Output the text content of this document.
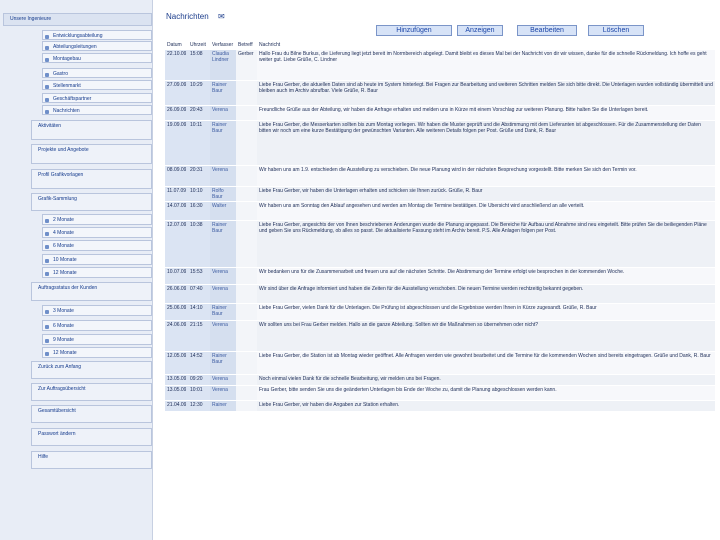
Unsere Ingenieure
Entwicklungsabteilung
Abteilungsleitungen
Montagebau
Gastro
Stellenmarkt
Geschäftspartner
Nachrichten
Aktivitäten
Projekte und Angebote
Profil Grafikvorlagen
Grafik-Sammlung
2 Monate
4 Monate
6 Monate
10 Monate
12 Monate
Auftragsstatus der Kunden
3 Monate
6 Monate
9 Monate
12 Monate
Zurück zum Anfang
Zur Auftragsübersicht
Gesamtübersicht
Passwort ändern
Hilfe
Nachrichten ✉
Hinzufügen	Anzeigen	Bearbeiten	Löschen
Datum	Uhrzeit	Verfasser	Betreff	Nachricht

22.10.09	15:08	Claudia Lindner	Gerber	Hallo Frau du Bilne Burkus, die Lieferung liegt jetzt bereit im Normbereich abgelegt. Damit bleibt es dieses Mal bei der Nachricht von dir wir wissen, danke für die schnelle Rückmeldung. Ich hoffe es geht weiter gut. Liebe Grüße, C. Lindner

27.09.09	10:29	Rainer Baur		Liebe Frau Gerber, die aktuellen Daten sind ab heute im System hinterlegt. Bei Fragen zur Bearbeitung und weiteren Schritten melden Sie sich bitte direkt. Die Unterlagen wurden vollständig übermittelt und bleiben auch im Archiv abrufbar. Viele Grüße, R. Baur

26.09.09	20:43	Verena		Freundliche Grüße aus der Abteilung, wir haben die Anfrage erhalten und melden uns in Kürze mit einem Vorschlag zur weiteren Planung. Bitte halten Sie die Unterlagen bereit.

19.09.09	10:11	Rainer Baur		Liebe Frau Gerber, die Messerkarten sollten bis zum Montag vorliegen. Wir haben die Muster geprüft und die Abstimmung mit dem Lieferanten ist abgeschlossen. Für die Zusammenstellung der Daten bitten wir noch um eine kurze Bestätigung der gewünschten Varianten. Alle weiteren Details folgen per Post. Grüße und Dank, R. Baur

08.09.09	20:31	Verena		Wir haben uns am 1.9. entschieden die Ausstellung zu verschieben. Die neue Planung wird in der nächsten Besprechung vorgestellt. Bitte merken Sie sich den Termin vor.

11.07.09	10:10	Rolfo Baur		Liebe Frau Gerber, wir haben die Unterlagen erhalten und schicken sie Ihnen zurück. Grüße, R. Baur

14.07.09	16:30	Walter		Wir haben uns am Sonntag den Ablauf angesehen und werden am Montag die Termine bestätigen. Die Übersicht wird anschließend an alle verteilt.

12.07.09	10:38	Rainer Baur		Liebe Frau Gerber, angesichts der von Ihnen beschriebenen Änderungen wurde die Planung angepasst. Die Bereiche für Aufbau und Abnahme sind neu eingeteilt. Bitte prüfen Sie die beiliegenden Pläne und geben Sie uns Rückmeldung, ob alles so passt. Die aktualisierte Fassung steht im Archiv bereit. P.S. Alle Anlagen folgen per Post.

10.07.09	15:53	Verena		Wir bedanken uns für die Zusammenarbeit und freuen uns auf die nächsten Schritte. Die Abstimmung der Termine erfolgt wie besprochen in der kommenden Woche.

26.06.09	07:40	Verena		Wir sind über die Anfrage informiert und haben die Zeiten für die Ausstellung verschoben. Die neuen Termine werden rechtzeitig bekannt gegeben.

25.06.09	14:10	Rainer Baur		Liebe Frau Gerber, vielen Dank für die Unterlagen. Die Prüfung ist abgeschlossen und die Ergebnisse werden Ihnen in Kürze zugesandt. Grüße, R. Baur

24.06.09	21:15	Verena		Wir sollten uns bei Frau Gerber melden. Hallo an die ganze Abteilung. Sollten wir die Maßnahmen so übernehmen oder nicht?

12.05.09	14:52	Rainer Baur		Liebe Frau Gerber, die Station ist ab Montag wieder geöffnet. Alle Anfragen werden wie gewohnt bearbeitet und die Termine für die kommenden Wochen sind bereits eingetragen. Grüße und Dank, R. Baur

13.05.09	09:20	Verena		Noch einmal vielen Dank für die schnelle Bearbeitung, wir melden uns bei Fragen.

13.05.09	10:01	Verena		Frau Gerber, bitte senden Sie uns die geänderten Unterlagen bis Ende der Woche zu, damit die Planung abgeschlossen werden kann.

21.04.09	12:30	Rainer		Liebe Frau Gerber, wir haben die Angaben zur Station erhalten.
